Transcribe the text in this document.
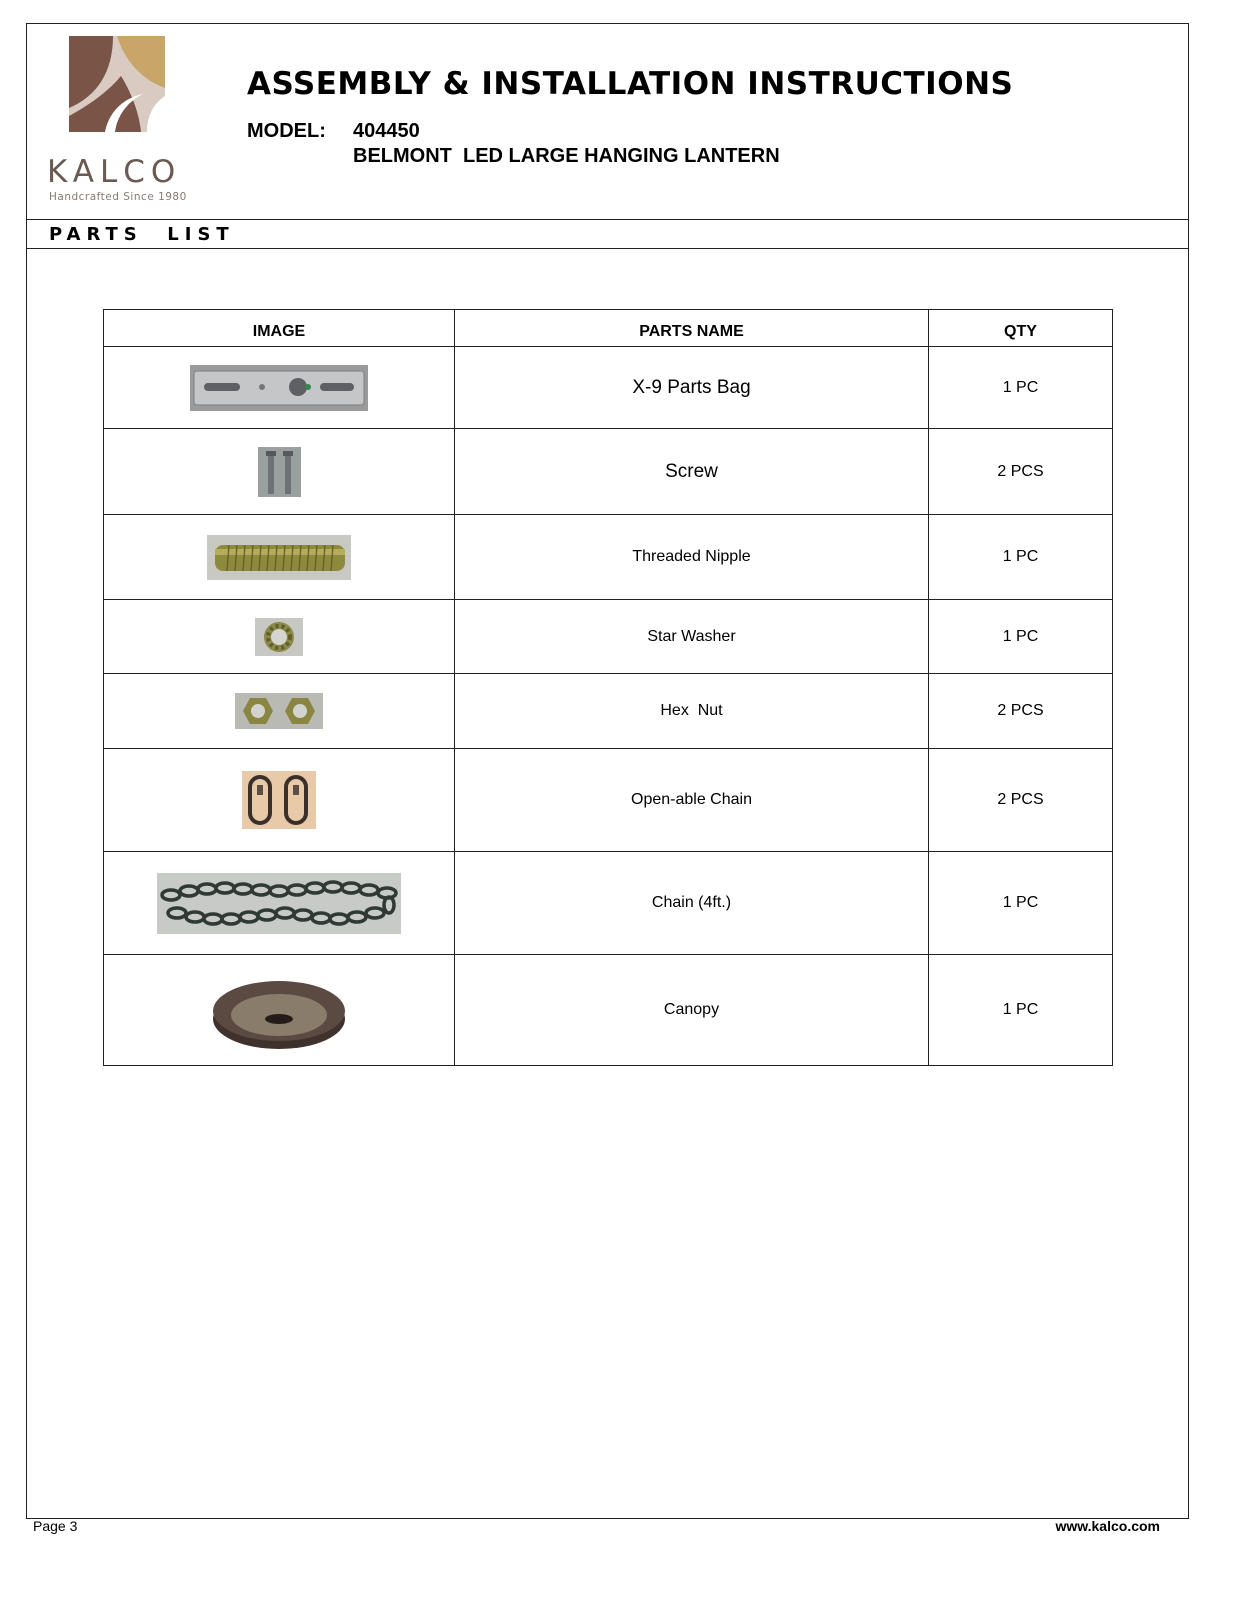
KALCO
Handcrafted Since 1980
ASSEMBLY & INSTALLATION INSTRUCTIONS
MODEL: 404450
BELMONT  LED LARGE HANGING LANTERN
PARTS  LIST
IMAGE	PARTS NAME	QTY

	X-9 Parts Bag	1 PC

	Screw	2 PCS

	Threaded Nipple	1 PC

	Star Washer	1 PC

	Hex  Nut	2 PCS

	Open-able Chain	2 PCS

	Chain (4ft.)	1 PC

	Canopy	1 PC
Page 3	www.kalco.com
